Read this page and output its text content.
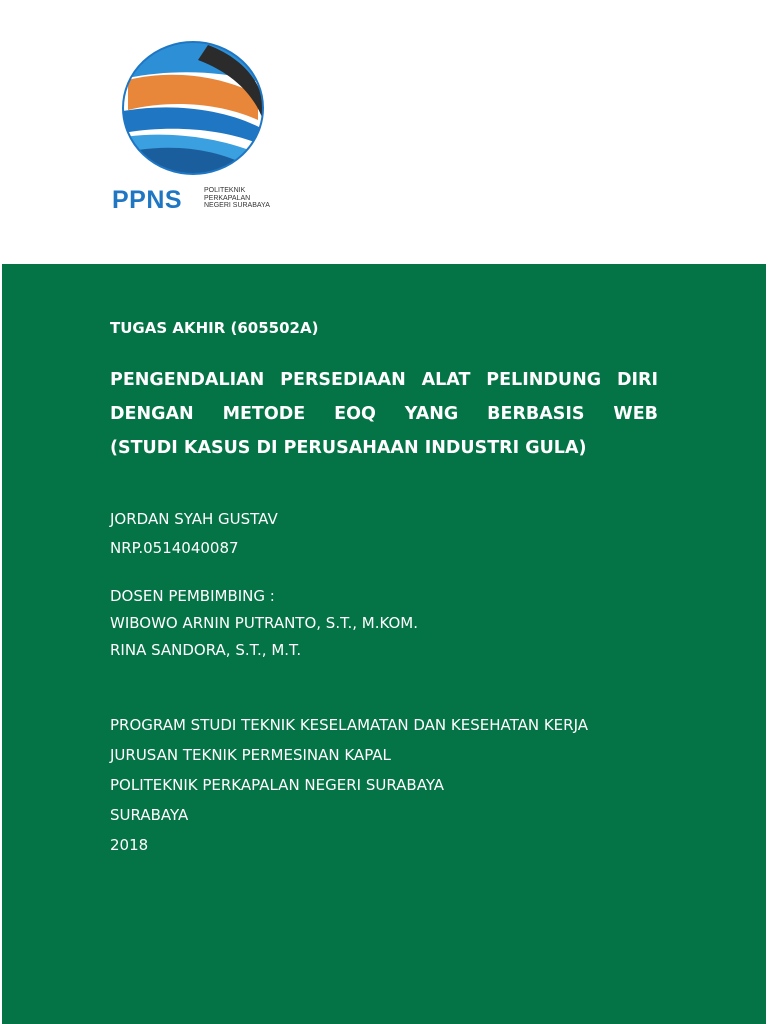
PPNS	POLITEKNIK
PERKAPALAN
NEGERI SURABAYA
TUGAS AKHIR (605502A)
PENGENDALIAN PERSEDIAAN ALAT PELINDUNG DIRI
DENGAN METODE EOQ YANG BERBASIS WEB
(STUDI KASUS DI PERUSAHAAN INDUSTRI GULA)
JORDAN SYAH GUSTAV
NRP.0514040087
DOSEN PEMBIMBING :
WIBOWO ARNIN PUTRANTO, S.T., M.KOM.
RINA SANDORA, S.T., M.T.
PROGRAM STUDI TEKNIK KESELAMATAN DAN KESEHATAN KERJA
JURUSAN TEKNIK PERMESINAN KAPAL
POLITEKNIK PERKAPALAN NEGERI SURABAYA
SURABAYA
2018
